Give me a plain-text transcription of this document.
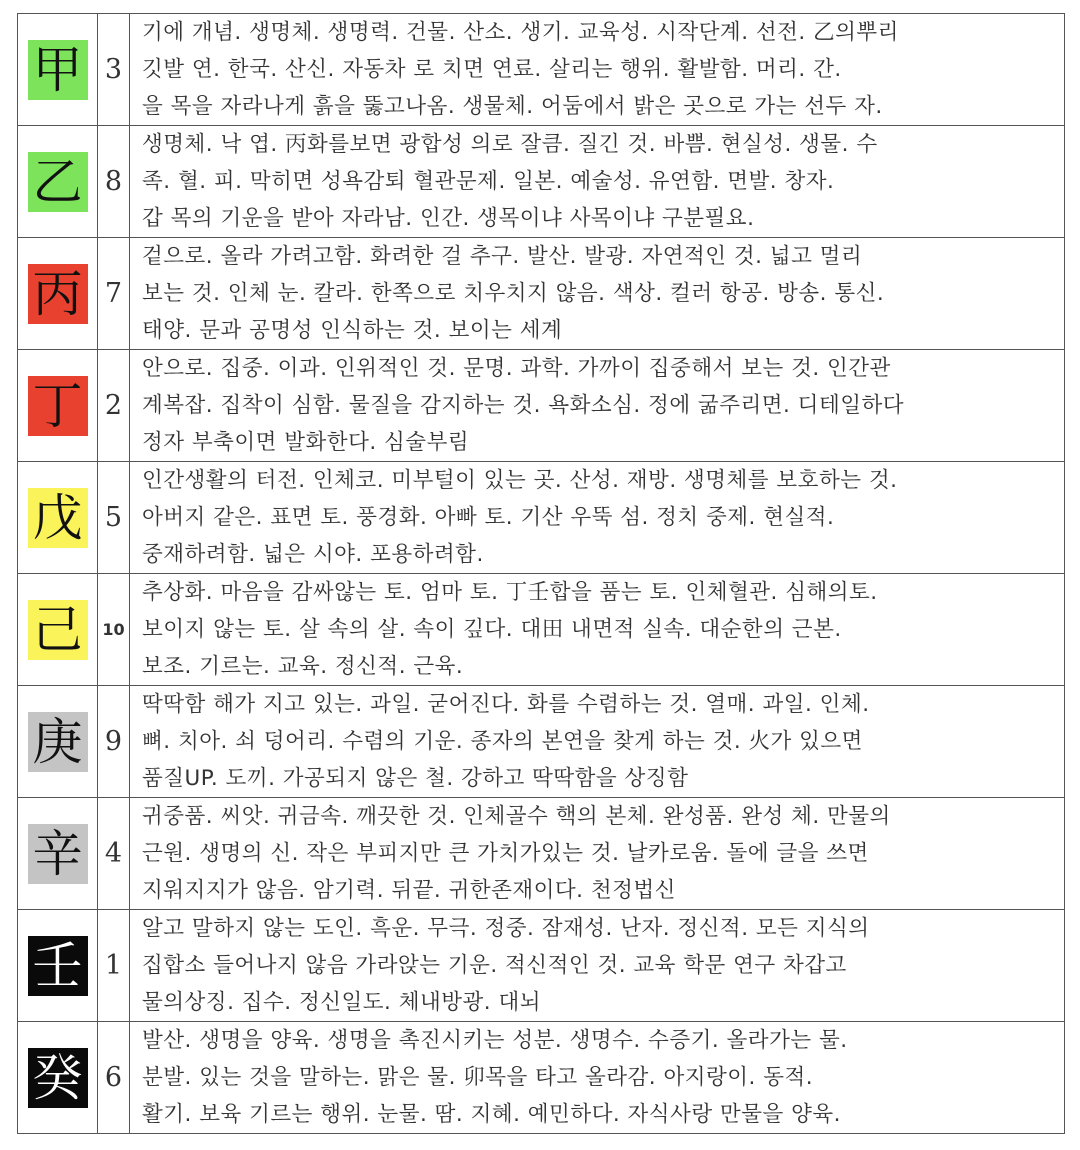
甲	3	기에 개념. 생명체. 생명력. 건물. 산소. 생기. 교육성. 시작단계. 선전. 乙의뿌리
깃발 연. 한국. 산신. 자동차 로 치면 연료. 살리는 행위. 활발함. 머리. 간.
을 목을 자라나게 흙을 뚫고나옴. 생물체. 어둠에서 밝은 곳으로 가는 선두 자.

乙	8	생명체. 낙 엽. 丙화를보면 광합성 의로 잘큼. 질긴 것. 바쁨. 현실성. 생물. 수
족. 혈. 피. 막히면 성욕감퇴 혈관문제. 일본. 예술성. 유연함. 면발. 창자.
갑 목의 기운을 받아 자라남. 인간. 생목이냐 사목이냐 구분필요.

丙	7	겉으로. 올라 가려고함. 화려한 걸 추구. 발산. 발광. 자연적인 것. 넓고 멀리
보는 것. 인체 눈. 칼라. 한쪽으로 치우치지 않음. 색상. 컬러 항공. 방송. 통신.
태양. 문과 공명성 인식하는 것. 보이는 세계

丁	2	안으로. 집중. 이과. 인위적인 것. 문명. 과학. 가까이 집중해서 보는 것. 인간관
계복잡. 집착이 심함. 물질을 감지하는 것. 욕화소심. 정에 굶주리면. 디테일하다
정자 부축이면 발화한다. 심술부림

戊	5	인간생활의 터전. 인체코. 미부털이 있는 곳. 산성. 재방. 생명체를 보호하는 것.
아버지 같은. 표면 토. 풍경화. 아빠 토. 기산 우뚝 섬. 정치 중제. 현실적.
중재하려함. 넓은 시야. 포용하려함.

己	10	추상화. 마음을 감싸않는 토. 엄마 토. 丁壬합을 품는 토. 인체혈관. 심해의토.
보이지 않는 토. 살 속의 살. 속이 깊다. 대田 내면적 실속. 대순한의 근본.
보조. 기르는. 교육. 정신적. 근육.

庚	9	딱딱함 해가 지고 있는. 과일. 굳어진다. 화를 수렴하는 것. 열매. 과일. 인체.
뼈. 치아. 쇠 덩어리. 수렴의 기운. 종자의 본연을 찾게 하는 것. 火가 있으면
품질UP. 도끼. 가공되지 않은 철. 강하고 딱딱함을 상징함

辛	4	귀중품. 씨앗. 귀금속. 깨끗한 것. 인체골수 핵의 본체. 완성품. 완성 체. 만물의
근원. 생명의 신. 작은 부피지만 큰 가치가있는 것. 날카로움. 돌에 글을 쓰면
지워지지가 않음. 암기력. 뒤끝. 귀한존재이다. 천정법신

壬	1	알고 말하지 않는 도인. 흑운. 무극. 정중. 잠재성. 난자. 정신적. 모든 지식의
집합소 들어나지 않음 가라앉는 기운. 적신적인 것. 교육 학문 연구 차갑고
물의상징. 집수. 정신일도. 체내방광. 대뇌

癸	6	발산. 생명을 양육. 생명을 촉진시키는 성분. 생명수. 수증기. 올라가는 물.
분발. 있는 것을 말하는. 맑은 물. 卯목을 타고 올라감. 아지랑이. 동적.
활기. 보육 기르는 행위. 눈물. 땀. 지혜. 예민하다. 자식사랑 만물을 양육.
